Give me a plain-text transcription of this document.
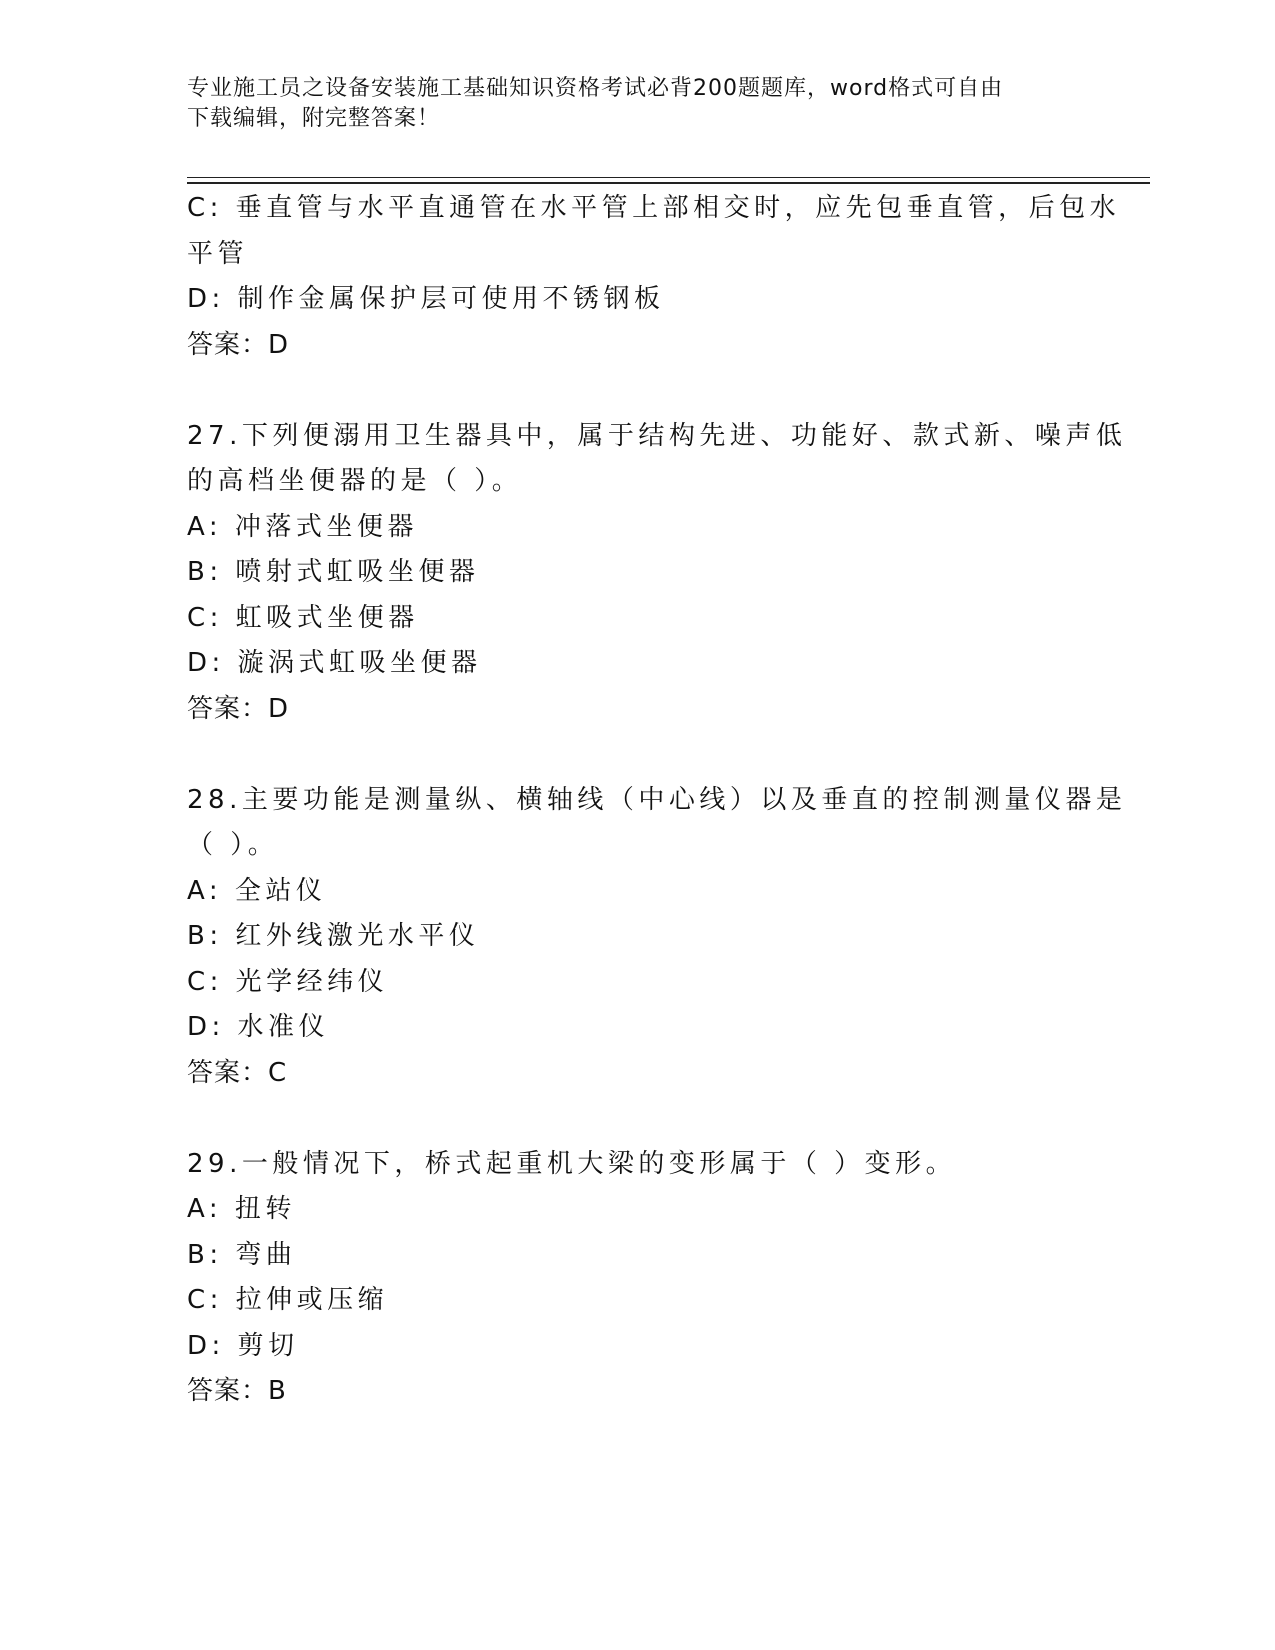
专业施工员之设备安装施工基础知识资格考试必背200题题库，word格式可自由
下载编辑，附完整答案！
C: 垂直管与水平直通管在水平管上部相交时，应先包垂直管，后包水
平管
D: 制作金属保护层可使用不锈钢板
答案：D
27.下列便溺用卫生器具中，属于结构先进、功能好、款式新、噪声低
的高档坐便器的是（ ）。
A: 冲落式坐便器
B: 喷射式虹吸坐便器
C: 虹吸式坐便器
D: 漩涡式虹吸坐便器
答案：D
28.主要功能是测量纵、横轴线（中心线）以及垂直的控制测量仪器是
（ ）。
A: 全站仪
B: 红外线激光水平仪
C: 光学经纬仪
D: 水准仪
答案：C
29.一般情况下，桥式起重机大梁的变形属于（ ）变形。
A: 扭转
B: 弯曲
C: 拉伸或压缩
D: 剪切
答案：B
